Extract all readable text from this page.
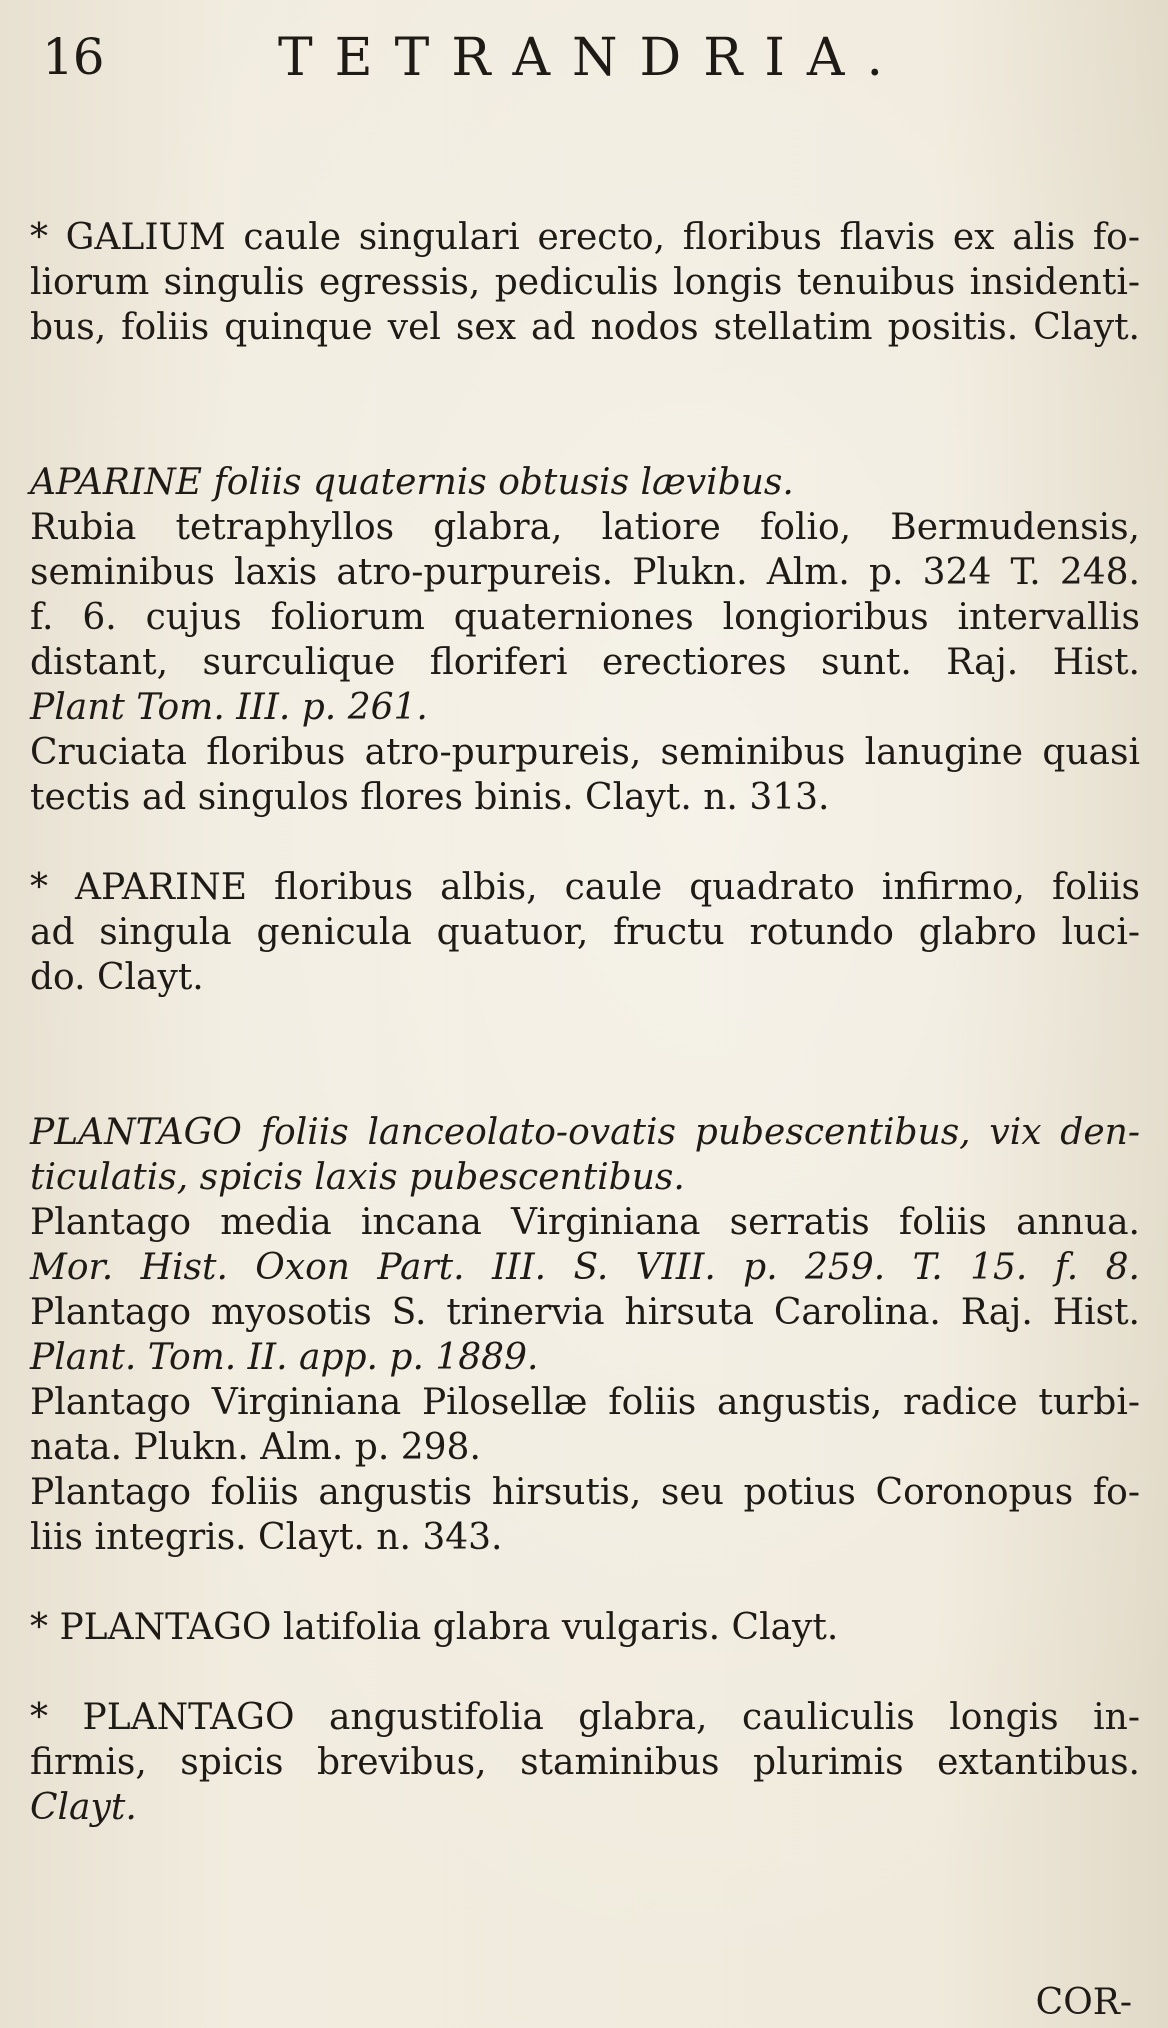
16	TETRANDRIA.
* GALIUM caule singulari erecto, floribus flavis ex alis fo-
liorum singulis egressis, pediculis longis tenuibus insidenti-
bus, foliis quinque vel sex ad nodos stellatim positis. Clayt.
APARINE foliis quaternis obtusis lævibus.
Rubia tetraphyllos glabra, latiore folio, Bermudensis,
seminibus laxis atro-purpureis. Plukn. Alm. p. 324 T. 248.
f. 6. cujus foliorum quaterniones longioribus intervallis
distant, surculique floriferi erectiores sunt. Raj. Hist.
Plant Tom. III. p. 261.
Cruciata floribus atro-purpureis, seminibus lanugine quasi
tectis ad singulos flores binis. Clayt. n. 313.
* APARINE floribus albis, caule quadrato infirmo, foliis
ad singula genicula quatuor, fructu rotundo glabro luci-
do. Clayt.
PLANTAGO foliis lanceolato-ovatis pubescentibus, vix den-
ticulatis, spicis laxis pubescentibus.
Plantago media incana Virginiana serratis foliis annua.
Mor. Hist. Oxon Part. III. S. VIII. p. 259. T. 15. f. 8.
Plantago myosotis S. trinervia hirsuta Carolina. Raj. Hist.
Plant. Tom. II. app. p. 1889.
Plantago Virginiana Pilosellæ foliis angustis, radice turbi-
nata. Plukn. Alm. p. 298.
Plantago foliis angustis hirsutis, seu potius Coronopus fo-
liis integris. Clayt. n. 343.
* PLANTAGO latifolia glabra vulgaris. Clayt.
* PLANTAGO angustifolia glabra, cauliculis longis in-
firmis, spicis brevibus, staminibus plurimis extantibus.
Clayt.
COR-
